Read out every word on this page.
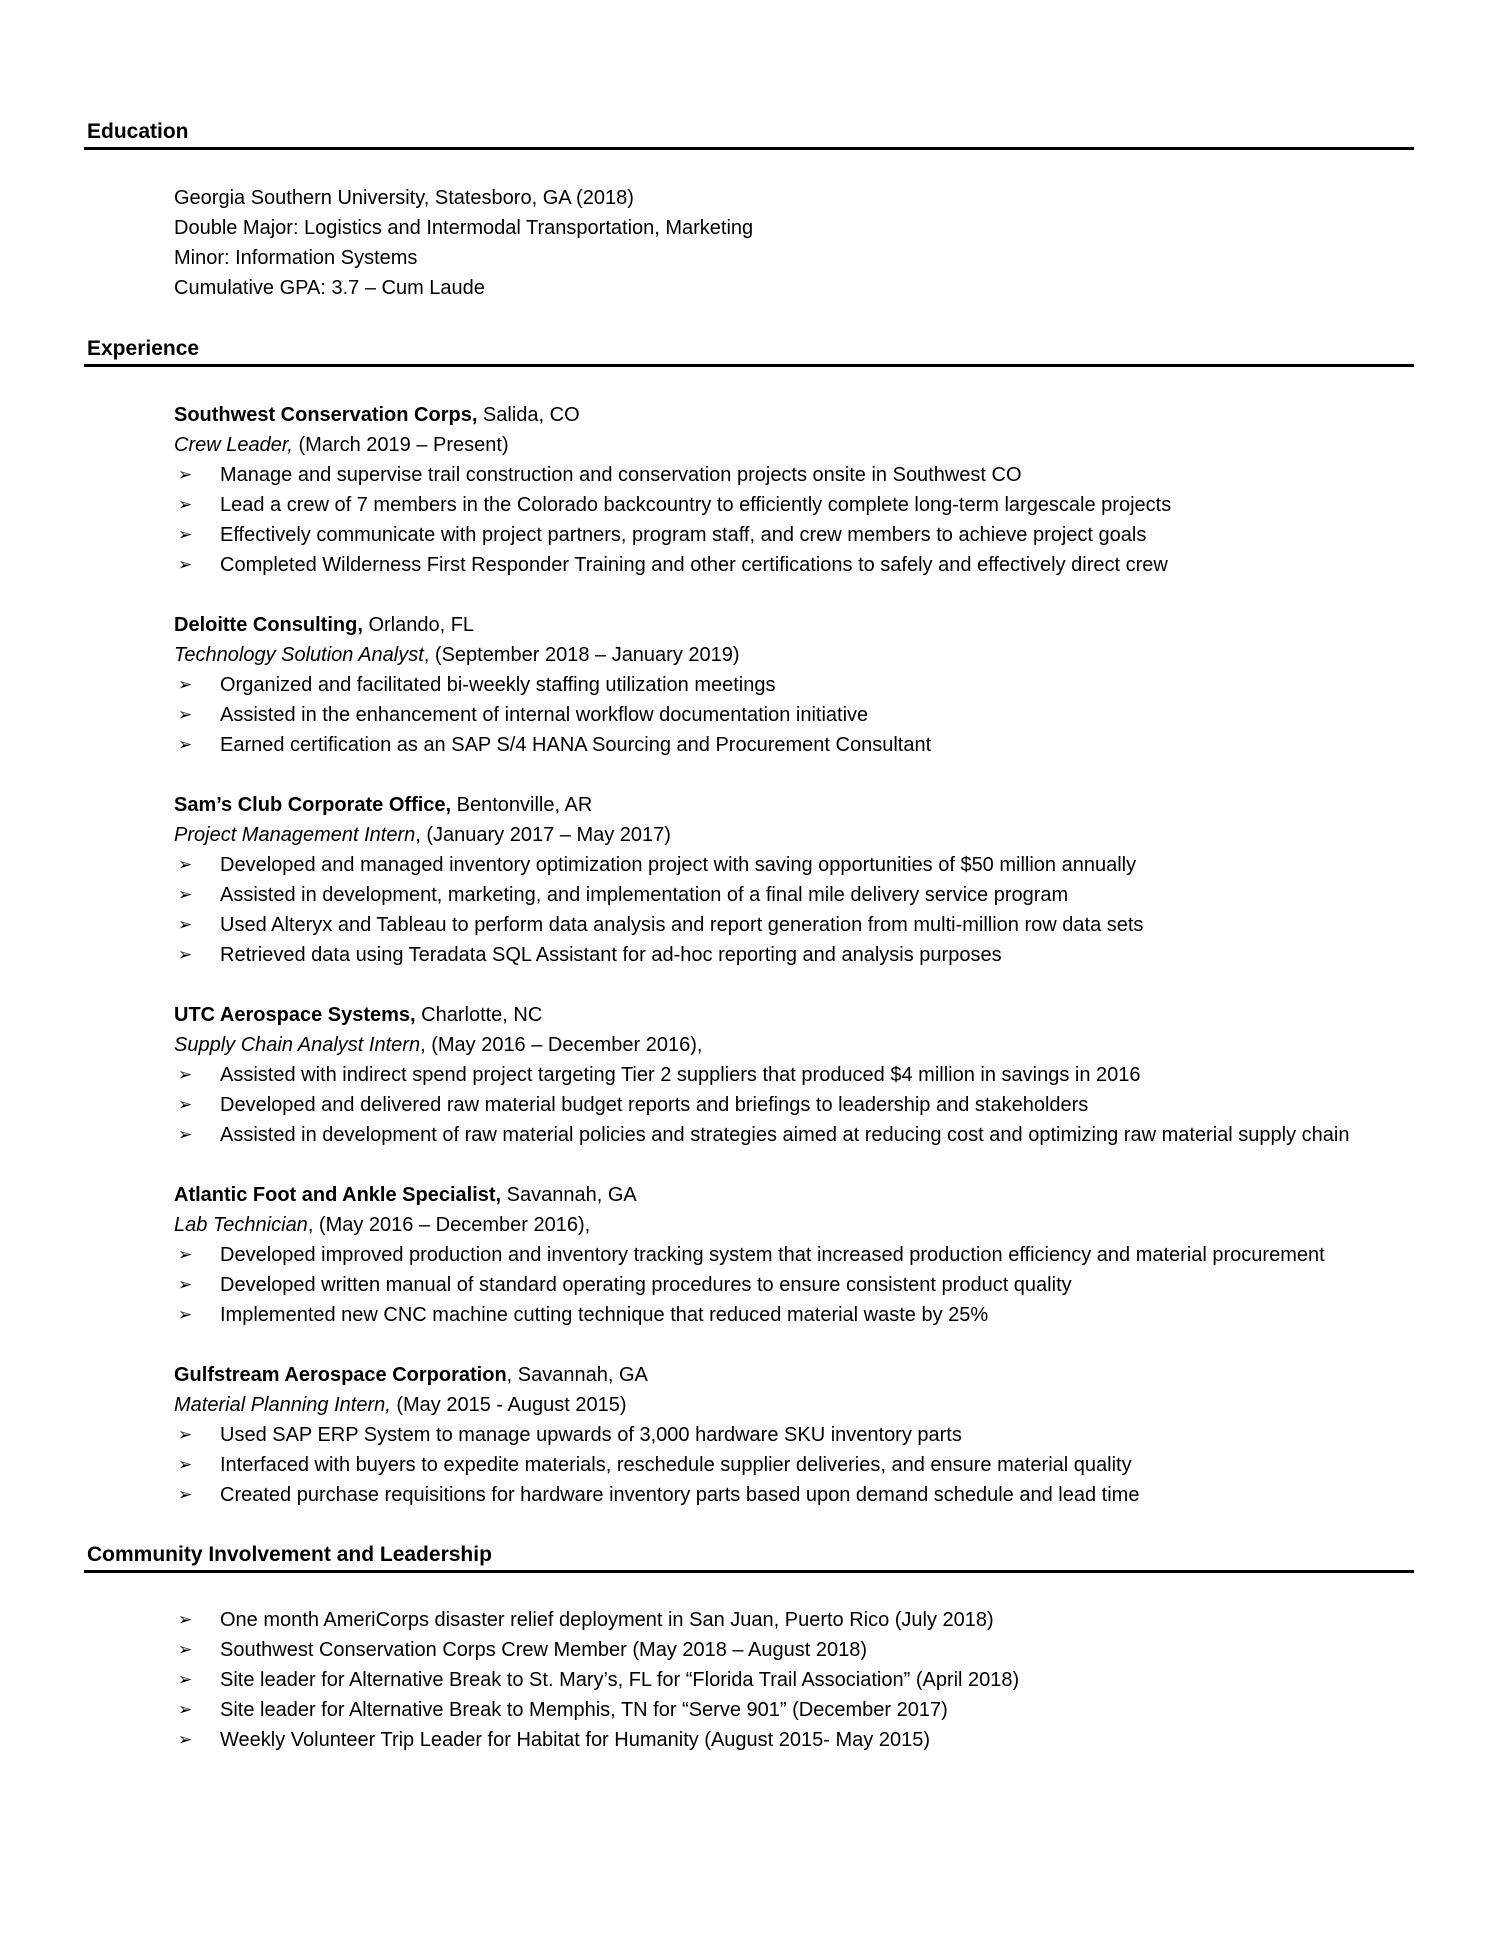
Education
Georgia Southern University, Statesboro, GA (2018)
Double Major: Logistics and Intermodal Transportation, Marketing
Minor: Information Systems
Cumulative GPA: 3.7 – Cum Laude
Experience
Southwest Conservation Corps, Salida, CO
Crew Leader, (March 2019 – Present)
➢	Manage and supervise trail construction and conservation projects onsite in Southwest CO
➢	Lead a crew of 7 members in the Colorado backcountry to efficiently complete long-term largescale projects
➢	Effectively communicate with project partners, program staff, and crew members to achieve project goals
➢	Completed Wilderness First Responder Training and other certifications to safely and effectively direct crew
Deloitte Consulting, Orlando, FL
Technology Solution Analyst, (September 2018 – January 2019)
➢	Organized and facilitated bi-weekly staffing utilization meetings
➢	Assisted in the enhancement of internal workflow documentation initiative
➢	Earned certification as an SAP S/4 HANA Sourcing and Procurement Consultant
Sam’s Club Corporate Office, Bentonville, AR
Project Management Intern, (January 2017 – May 2017)
➢	Developed and managed inventory optimization project with saving opportunities of $50 million annually
➢	Assisted in development, marketing, and implementation of a final mile delivery service program
➢	Used Alteryx and Tableau to perform data analysis and report generation from multi-million row data sets
➢	Retrieved data using Teradata SQL Assistant for ad-hoc reporting and analysis purposes
UTC Aerospace Systems, Charlotte, NC
Supply Chain Analyst Intern, (May 2016 – December 2016),
➢	Assisted with indirect spend project targeting Tier 2 suppliers that produced $4 million in savings in 2016
➢	Developed and delivered raw material budget reports and briefings to leadership and stakeholders
➢	Assisted in development of raw material policies and strategies aimed at reducing cost and optimizing raw material supply chain
Atlantic Foot and Ankle Specialist, Savannah, GA
Lab Technician, (May 2016 – December 2016),
➢	Developed improved production and inventory tracking system that increased production efficiency and material procurement
➢	Developed written manual of standard operating procedures to ensure consistent product quality
➢	Implemented new CNC machine cutting technique that reduced material waste by 25%
Gulfstream Aerospace Corporation, Savannah, GA
Material Planning Intern, (May 2015 - August 2015)
➢	Used SAP ERP System to manage upwards of 3,000 hardware SKU inventory parts
➢	Interfaced with buyers to expedite materials, reschedule supplier deliveries, and ensure material quality
➢	Created purchase requisitions for hardware inventory parts based upon demand schedule and lead time
Community Involvement and Leadership
➢	One month AmeriCorps disaster relief deployment in San Juan, Puerto Rico (July 2018)
➢	Southwest Conservation Corps Crew Member (May 2018 – August 2018)
➢	Site leader for Alternative Break to St. Mary’s, FL for “Florida Trail Association” (April 2018)
➢	Site leader for Alternative Break to Memphis, TN for “Serve 901” (December 2017)
➢	Weekly Volunteer Trip Leader for Habitat for Humanity (August 2015- May 2015)
